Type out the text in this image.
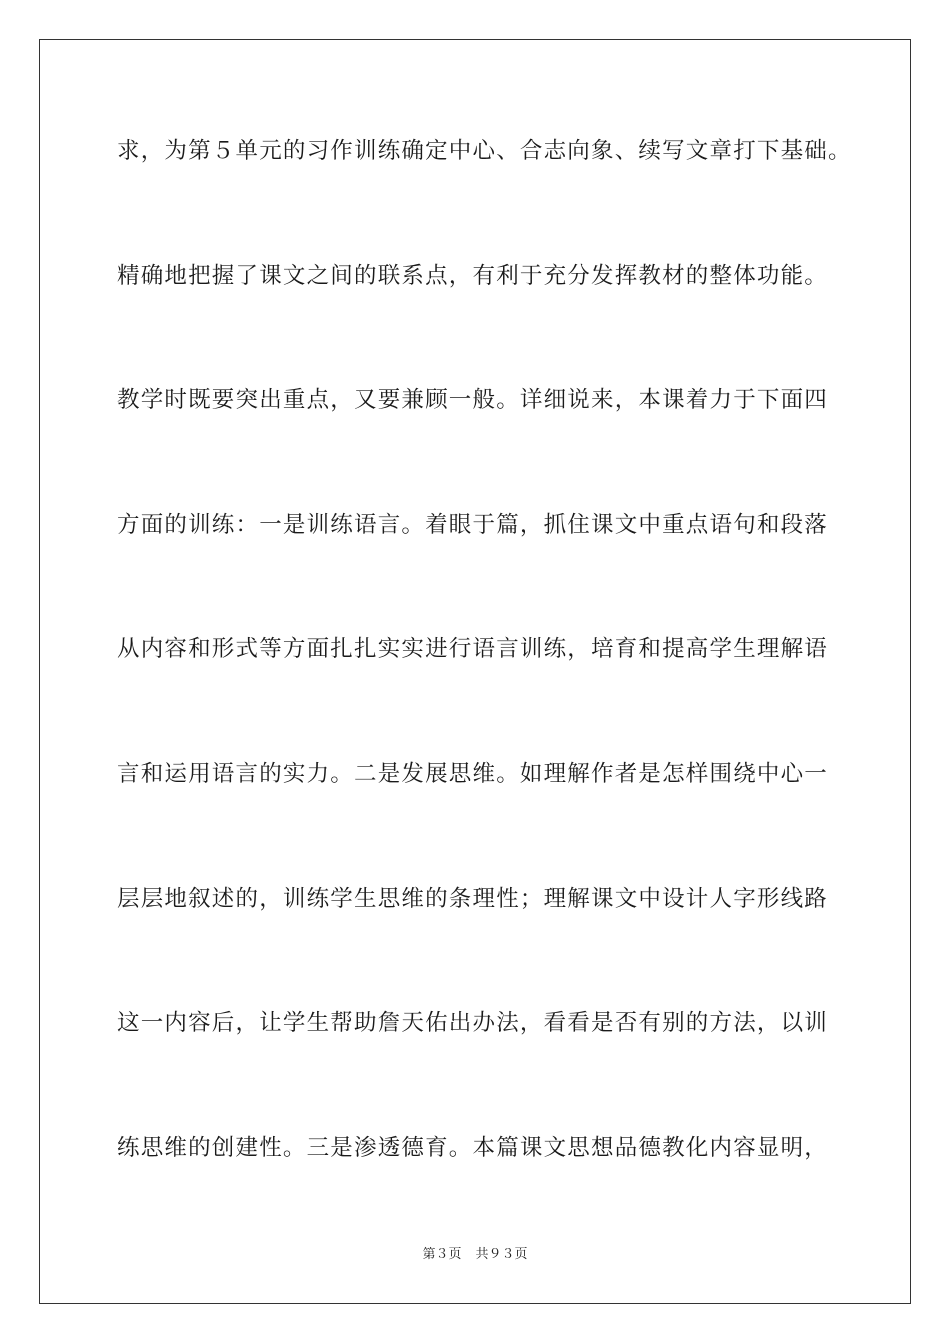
求，为第５单元的习作训练确定中心、合志向象、续写文章打下基础。
精确地把握了课文之间的联系点，有利于充分发挥教材的整体功能。
教学时既要突出重点，又要兼顾一般。详细说来，本课着力于下面四
方面的训练：一是训练语言。着眼于篇，抓住课文中重点语句和段落
从内容和形式等方面扎扎实实进行语言训练，培育和提高学生理解语
言和运用语言的实力。二是发展思维。如理解作者是怎样围绕中心一
层层地叙述的，训练学生思维的条理性；理解课文中设计人字形线路
这一内容后，让学生帮助詹天佑出办法，看看是否有别的方法，以训
练思维的创建性。三是渗透德育。本篇课文思想品德教化内容显明，
第３页 共９３页
